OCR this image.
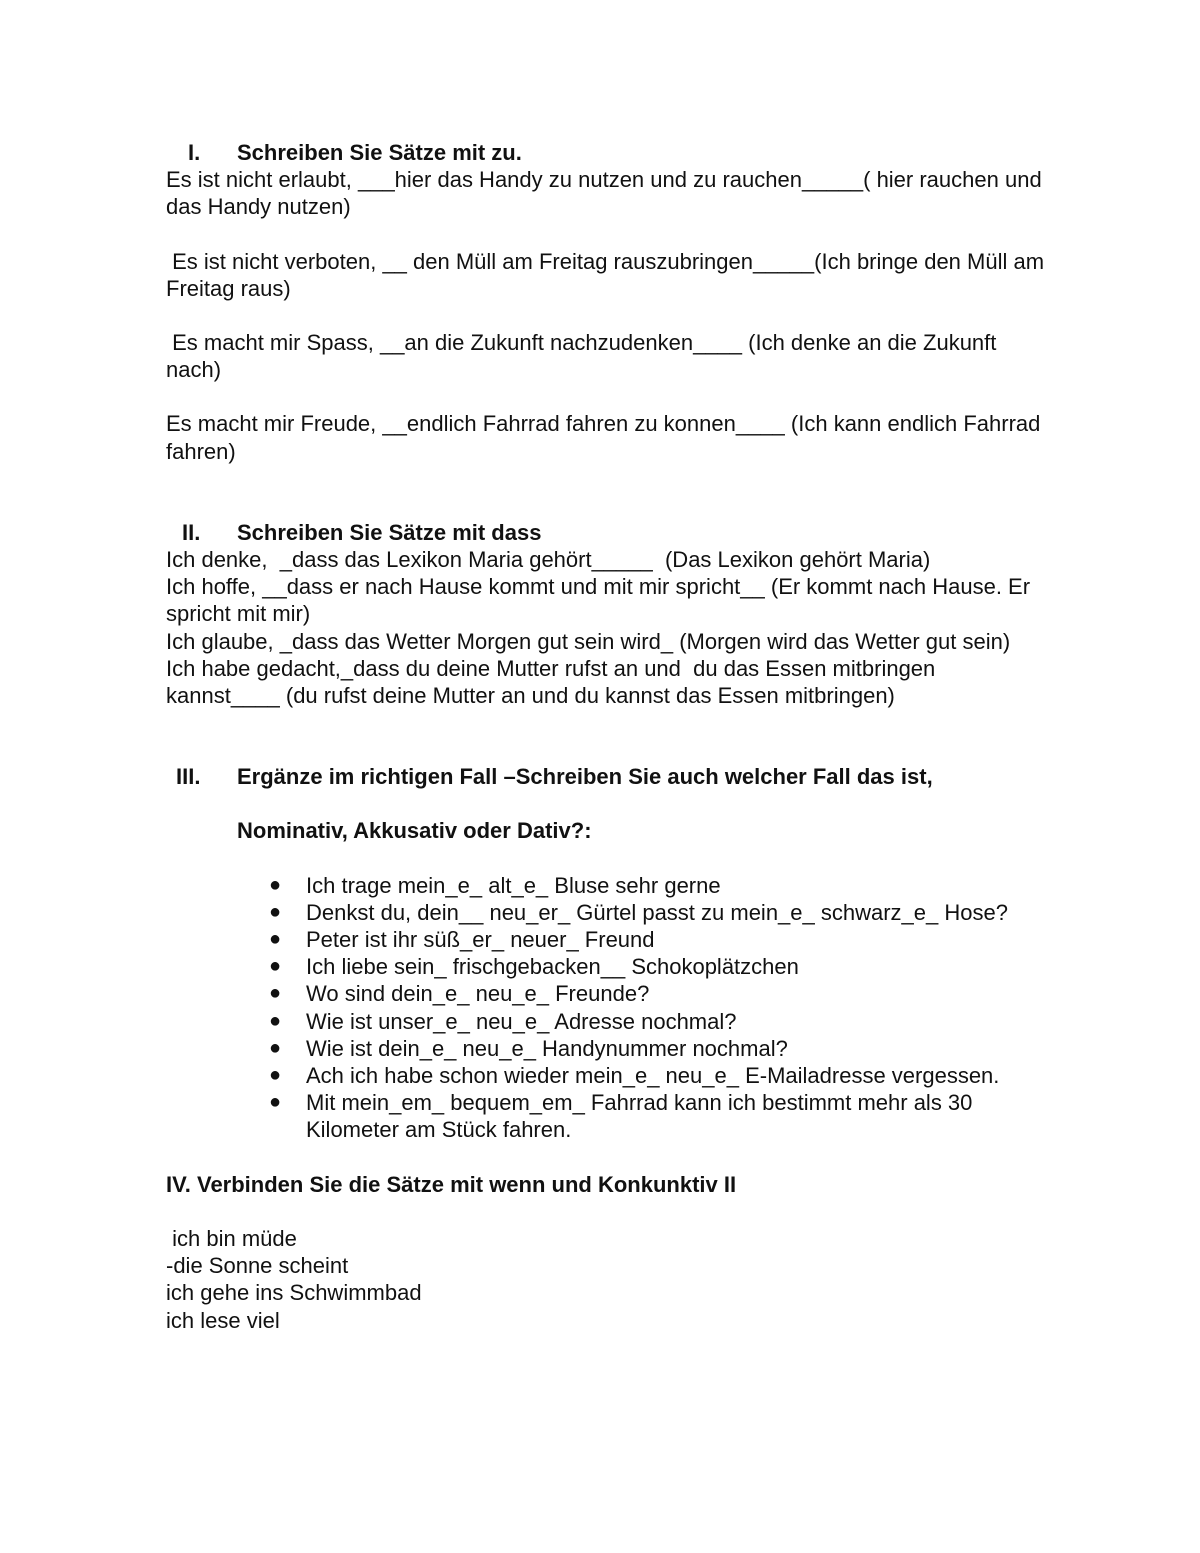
I. Schreiben Sie Sätze mit zu.

Es ist nicht erlaubt, ___hier das Handy zu nutzen und zu rauchen_____( hier rauchen und das Handy nutzen)

Es ist nicht verboten, __ den Müll am Freitag rauszubringen_____(Ich bringe den Müll am Freitag raus)

Es macht mir Spass, __an die Zukunft nachzudenken____ (Ich denke an die Zukunft nach)

Es macht mir Freude, __endlich Fahrrad fahren zu konnen____ (Ich kann endlich Fahrrad fahren)

II. Schreiben Sie Sätze mit dass

Ich denke,  _dass das Lexikon Maria gehört_____  (Das Lexikon gehört Maria)

Ich hoffe, __dass er nach Hause kommt und mit mir spricht__ (Er kommt nach Hause. Er spricht mit mir)

Ich glaube, _dass das Wetter Morgen gut sein wird_ (Morgen wird das Wetter gut sein)

Ich habe gedacht,_dass du deine Mutter rufst an und  du das Essen mitbringen kannst____ (du rufst deine Mutter an und du kannst das Essen mitbringen)

III. Ergänze im richtigen Fall –Schreiben Sie auch welcher Fall das ist,

Nominativ, Akkusativ oder Dativ?:

● Ich trage mein_e_ alt_e_ Bluse sehr gerne
● Denkst du, dein__ neu_er_ Gürtel passt zu mein_e_ schwarz_e_ Hose?
● Peter ist ihr süß_er_ neuer_ Freund
● Ich liebe sein_ frischgebacken__ Schokoplätzchen
● Wo sind dein_e_ neu_e_ Freunde?
● Wie ist unser_e_ neu_e_ Adresse nochmal?
● Wie ist dein_e_ neu_e_ Handynummer nochmal?
● Ach ich habe schon wieder mein_e_ neu_e_ E-Mailadresse vergessen.
● Mit mein_em_ bequem_em_ Fahrrad kann ich bestimmt mehr als 30 Kilometer am Stück fahren.

IV. Verbinden Sie die Sätze mit wenn und Konkunktiv II

ich bin müde

-die Sonne scheint

ich gehe ins Schwimmbad

ich lese viel
